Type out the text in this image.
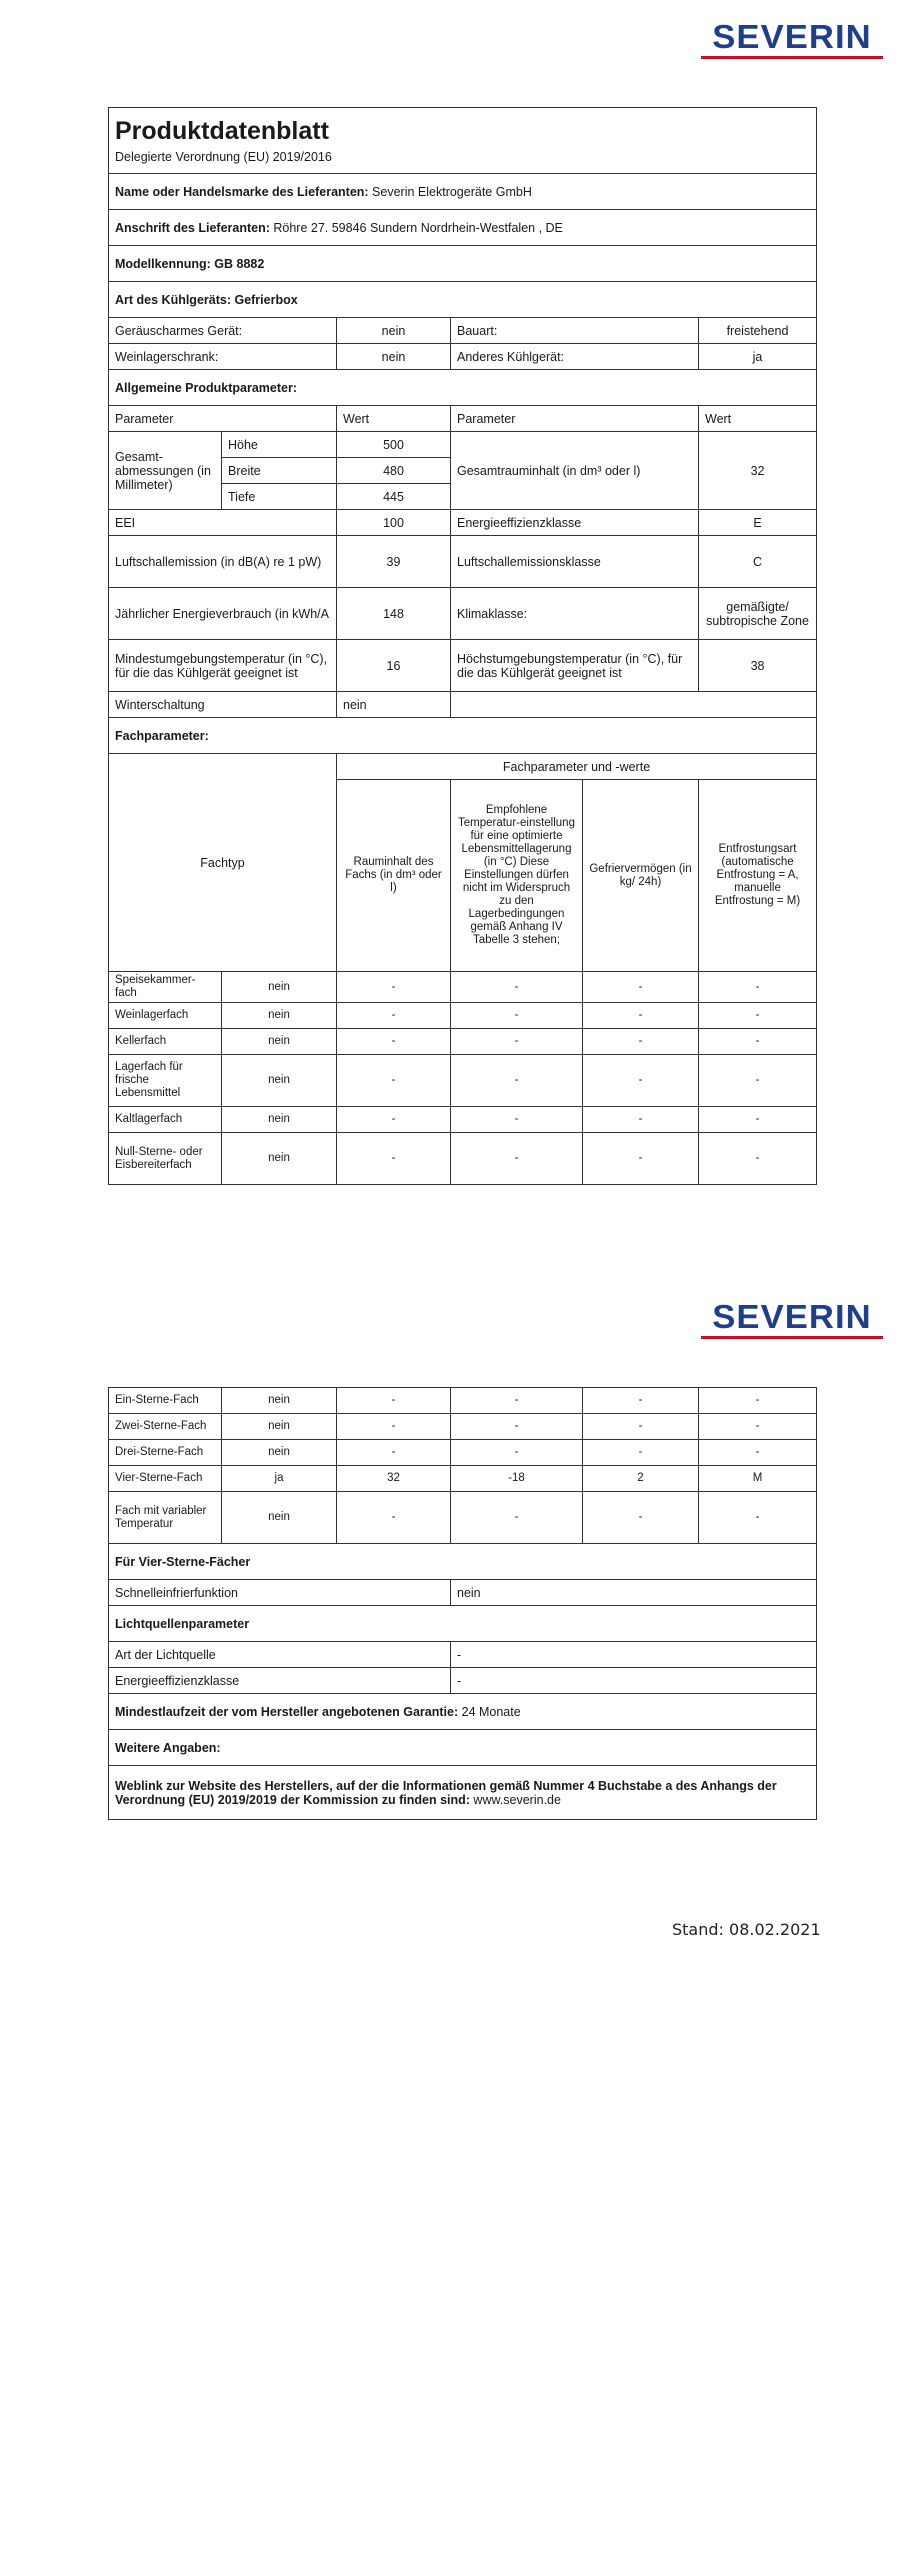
SEVERIN
Produktdatenblatt
Delegierte Verordnung (EU) 2019/2016					

Name oder Handelsmarke des Lieferanten: Severin Elektrogeräte GmbH					
Anschrift des Lieferanten: Röhre 27. 59846 Sundern Nordrhein-Westfalen , DE					
Modellkennung: GB 8882					
Art des Kühlgeräts: Gefrierbox					
Geräuscharmes Gerät:		nein	Bauart:		freistehend
Weinlagerschrank:		nein	Anderes Kühlgerät:		ja
Allgemeine Produktparameter:					
Parameter		Wert	Parameter		Wert
Gesamt-abmessungen (in Millimeter)	Höhe	500	Gesamtrauminhalt (in dm³ oder l)		32
	Breite	480			
	Tiefe	445			
EEI		100	Energieeffizienzklasse		E
Luftschallemission (in dB(A) re 1 pW)		39	Luftschallemissionsklasse		C
Jährlicher Energieverbrauch (in kWh/A		148	Klimaklasse:		gemäßigte/ subtropische Zone
Mindestumgebungstemperatur (in °C), für die das Kühlgerät geeignet ist		16	Höchstumgebungstemperatur (in °C), für die das Kühlgerät geeignet ist		38
Winterschaltung		nein			
Fachparameter:					
Fachtyp		Fachparameter und -werte			
		Rauminhalt des Fachs (in dm³ oder l)	Empfohlene Temperatur-einstellung für eine optimierte Lebensmittellagerung (in °C) Diese Einstellungen dürfen nicht im Widerspruch zu den Lagerbedingungen gemäß Anhang IV Tabelle 3 stehen;	Gefriervermögen (in kg/ 24h)	Entfrostungsart (automatische Entfrostung = A, manuelle Entfrostung = M)
Speisekammer-fach	nein	-	-	-	-
Weinlagerfach	nein	-	-	-	-
Kellerfach	nein	-	-	-	-
Lagerfach für frische Lebensmittel	nein	-	-	-	-
Kaltlagerfach	nein	-	-	-	-
Null-Sterne- oder Eisbereiterfach	nein	-	-	-	-
SEVERIN
Ein-Sterne-Fach	nein	-	-	-	-
Zwei-Sterne-Fach	nein	-	-	-	-
Drei-Sterne-Fach	nein	-	-	-	-
Vier-Sterne-Fach	ja	32	-18	2	M
Fach mit variabler Temperatur	nein	-	-	-	-
Für Vier-Sterne-Fächer					
Schnelleinfrierfunktion			nein		
Lichtquellenparameter					
Art der Lichtquelle			-		
Energieeffizienzklasse			-		
Mindestlaufzeit der vom Hersteller angebotenen Garantie: 24 Monate					
Weitere Angaben:					
Weblink zur Website des Herstellers, auf der die Informationen gemäß Nummer 4 Buchstabe a des Anhangs der Verordnung (EU) 2019/2019 der Kommission zu finden sind: www.severin.de					
Stand: 08.02.2021
